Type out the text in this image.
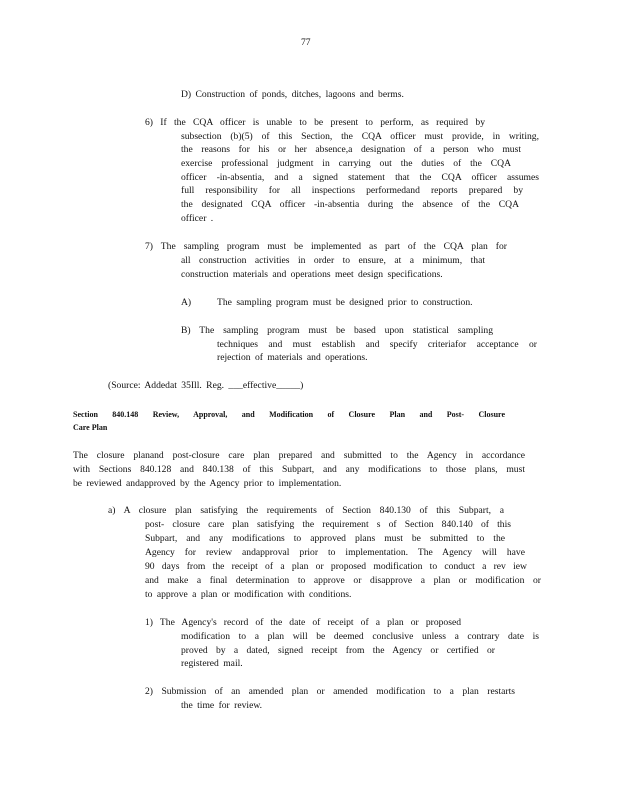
77
D) Construction of ponds, ditches, lagoons and berms.
6) If the CQA officer is unable to be present to perform, as required by
subsection (b)(5) of this Section, the CQA officer must provide, in writing,
the reasons for his or her absence,a designation of a person who must
exercise professional judgment in carrying out the duties of the CQA
officer -in-absentia, and a signed statement that the CQA officer assumes
full responsibility for all inspections performedand reports prepared by
the designated CQA officer -in-absentia during the absence of the CQA
officer .
7) The sampling program must be implemented as part of the CQA plan for
all construction activities in order to ensure, at a minimum, that
construction materials and operations meet design specifications.
A)	The sampling program must be designed prior to construction.
B) The sampling program must be based upon statistical sampling
techniques and must establish and specify criteriafor acceptance or
rejection of materials and operations.
(Source: Addedat 35Ill. Reg. ___effective_____)
Section 840.148 Review, Approval, and Modification of Closure Plan and Post- Closure
Care Plan
The closure planand post-closure care plan prepared and submitted to the Agency in accordance
with Sections 840.128 and 840.138 of this Subpart, and any modifications to those plans, must
be reviewed andapproved by the Agency prior to implementation.
a) A closure plan satisfying the requirements of Section 840.130 of this Subpart, a
post- closure care plan satisfying the requirement s of Section 840.140 of this
Subpart, and any modifications to approved plans must be submitted to the
Agency for review andapproval prior to implementation. The Agency will have
90 days from the receipt of a plan or proposed modification to conduct a rev iew
and make a final determination to approve or disapprove a plan or modification or
to approve a plan or modification with conditions.
1) The Agency's record of the date of receipt of a plan or proposed
modification to a plan will be deemed conclusive unless a contrary date is
proved by a dated, signed receipt from the Agency or certified or
registered mail.
2) Submission of an amended plan or amended modification to a plan restarts
the time for review.
